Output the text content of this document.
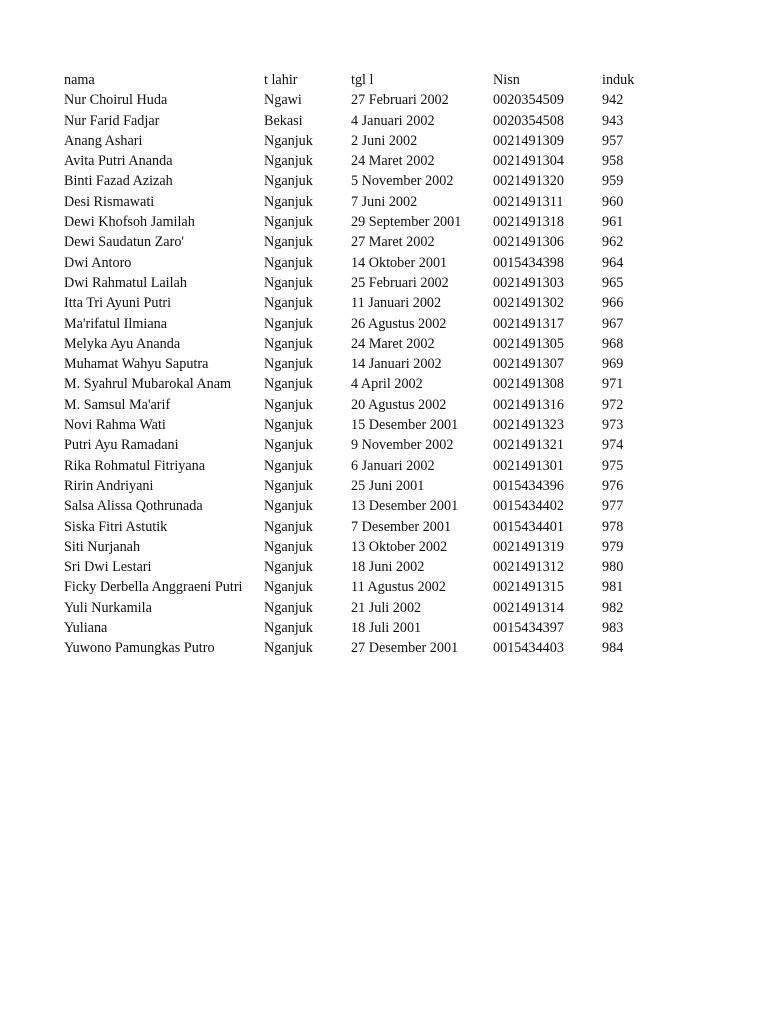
nama	t lahir	tgl l	Nisn	induk
Nur Choirul Huda	Ngawi	27 Februari 2002	0020354509	942
Nur Farid Fadjar	Bekasi	4 Januari 2002	0020354508	943
Anang Ashari	Nganjuk	2 Juni 2002	0021491309	957
Avita Putri Ananda	Nganjuk	24 Maret 2002	0021491304	958
Binti Fazad Azizah	Nganjuk	5 November 2002	0021491320	959
Desi Rismawati	Nganjuk	7 Juni 2002	0021491311	960
Dewi Khofsoh Jamilah	Nganjuk	29 September 2001	0021491318	961
Dewi Saudatun Zaro'	Nganjuk	27 Maret 2002	0021491306	962
Dwi Antoro	Nganjuk	14 Oktober 2001	0015434398	964
Dwi Rahmatul Lailah	Nganjuk	25 Februari 2002	0021491303	965
Itta Tri Ayuni Putri	Nganjuk	11 Januari 2002	0021491302	966
Ma'rifatul Ilmiana	Nganjuk	26 Agustus 2002	0021491317	967
Melyka Ayu Ananda	Nganjuk	24 Maret 2002	0021491305	968
Muhamat Wahyu Saputra	Nganjuk	14 Januari 2002	0021491307	969
M. Syahrul Mubarokal Anam	Nganjuk	4 April 2002	0021491308	971
M. Samsul Ma'arif	Nganjuk	20 Agustus 2002	0021491316	972
Novi Rahma Wati	Nganjuk	15 Desember 2001	0021491323	973
Putri Ayu Ramadani	Nganjuk	9 November 2002	0021491321	974
Rika Rohmatul Fitriyana	Nganjuk	6 Januari 2002	0021491301	975
Ririn Andriyani	Nganjuk	25 Juni 2001	0015434396	976
Salsa Alissa Qothrunada	Nganjuk	13 Desember 2001	0015434402	977
Siska Fitri Astutik	Nganjuk	7 Desember 2001	0015434401	978
Siti Nurjanah	Nganjuk	13 Oktober 2002	0021491319	979
Sri Dwi Lestari	Nganjuk	18 Juni 2002	0021491312	980
Ficky Derbella Anggraeni Putri	Nganjuk	11 Agustus 2002	0021491315	981
Yuli Nurkamila	Nganjuk	21 Juli 2002	0021491314	982
Yuliana	Nganjuk	18 Juli 2001	0015434397	983
Yuwono Pamungkas Putro	Nganjuk	27 Desember 2001	0015434403	984
